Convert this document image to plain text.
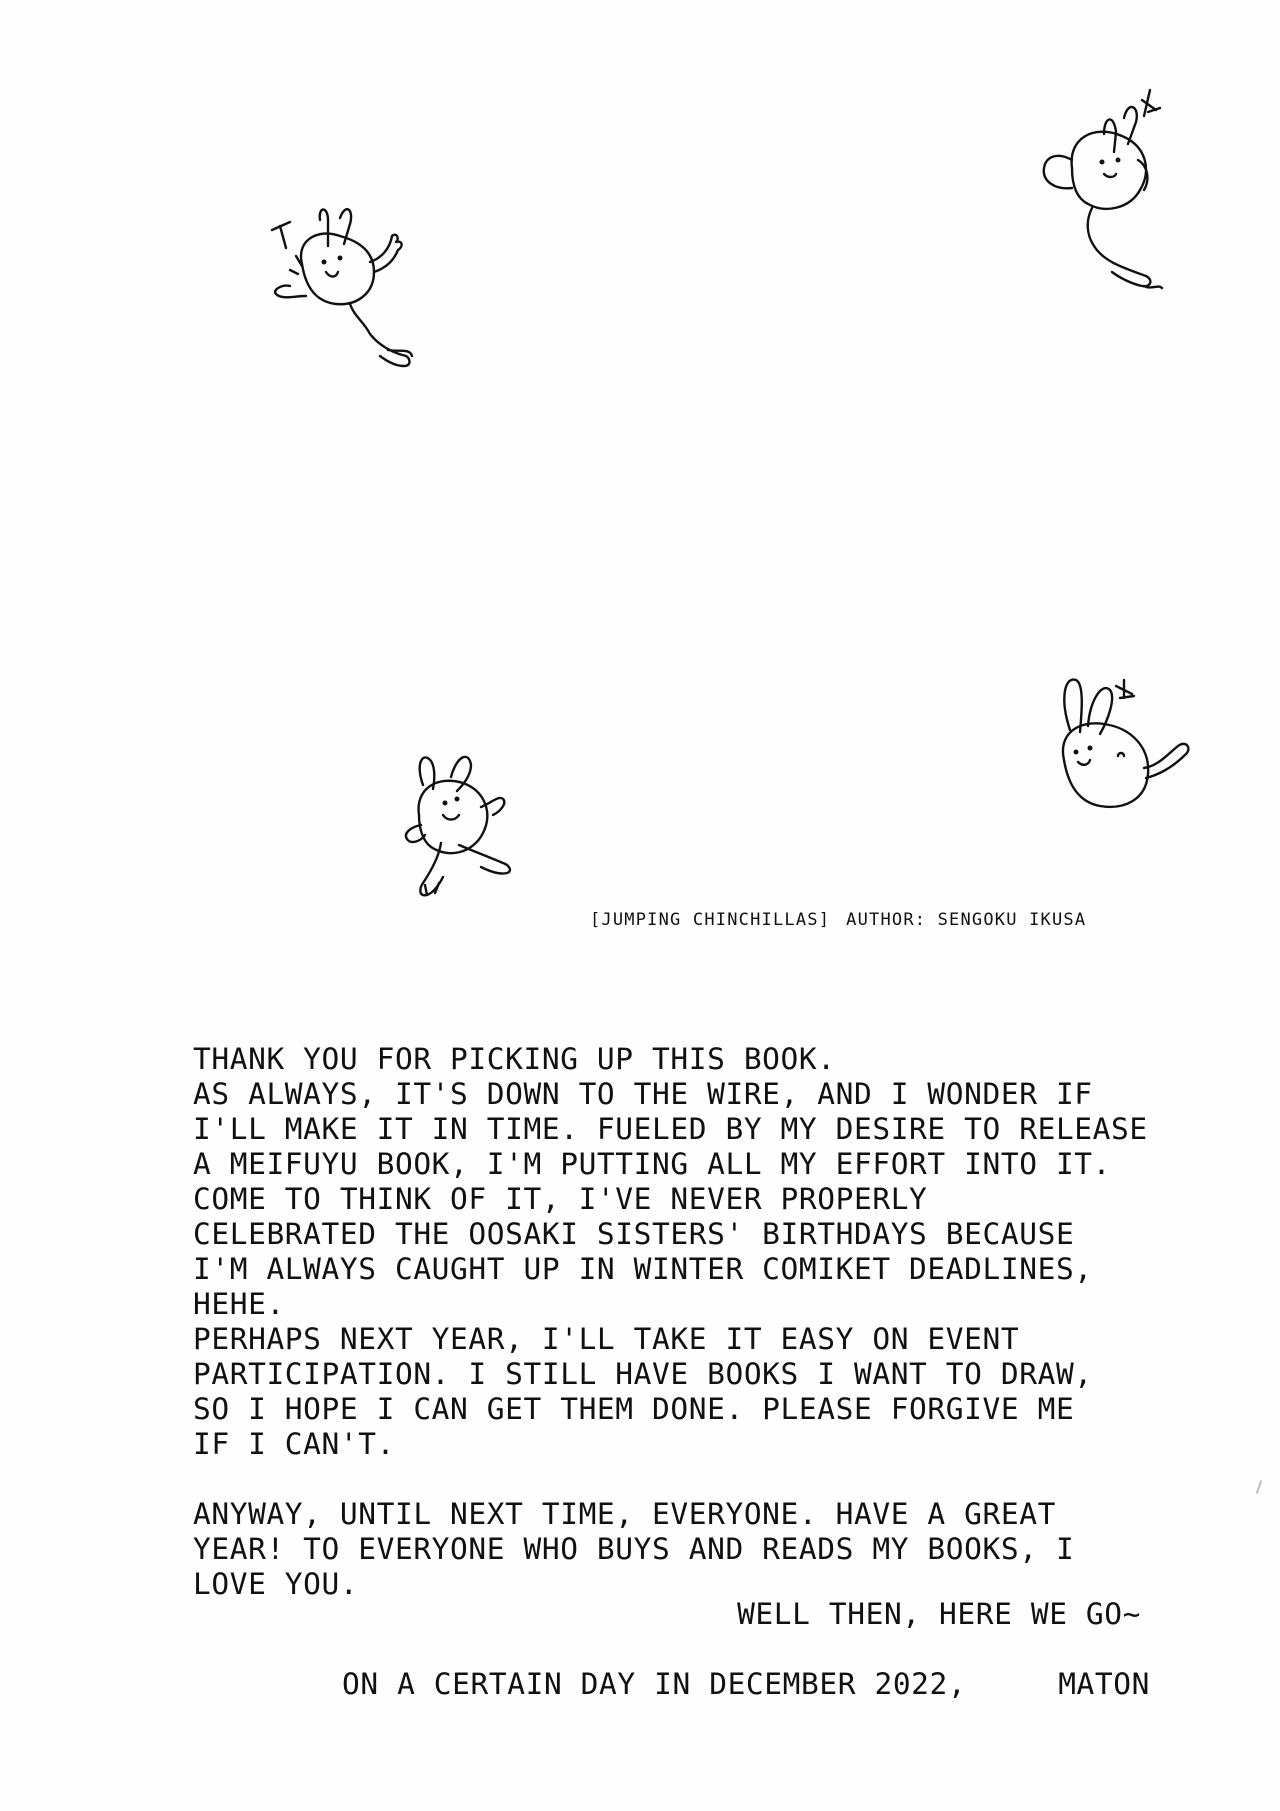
[JUMPING CHINCHILLAS] AUTHOR: SENGOKU IKUSA

THANK YOU FOR PICKING UP THIS BOOK.

AS ALWAYS, IT'S DOWN TO THE WIRE, AND I WONDER IF

I'LL MAKE IT IN TIME. FUELED BY MY DESIRE TO RELEASE

A MEIFUYU BOOK, I'M PUTTING ALL MY EFFORT INTO IT.

COME TO THINK OF IT, I'VE NEVER PROPERLY

CELEBRATED THE OOSAKI SISTERS' BIRTHDAYS BECAUSE

I'M ALWAYS CAUGHT UP IN WINTER COMIKET DEADLINES,

HEHE.

PERHAPS NEXT YEAR, I'LL TAKE IT EASY ON EVENT

PARTICIPATION. I STILL HAVE BOOKS I WANT TO DRAW,

SO I HOPE I CAN GET THEM DONE. PLEASE FORGIVE ME

IF I CAN'T.

ANYWAY, UNTIL NEXT TIME, EVERYONE. HAVE A GREAT

YEAR! TO EVERYONE WHO BUYS AND READS MY BOOKS, I

LOVE YOU.

WELL THEN, HERE WE GO~
ON A CERTAIN DAY IN DECEMBER 2022,	MATON
